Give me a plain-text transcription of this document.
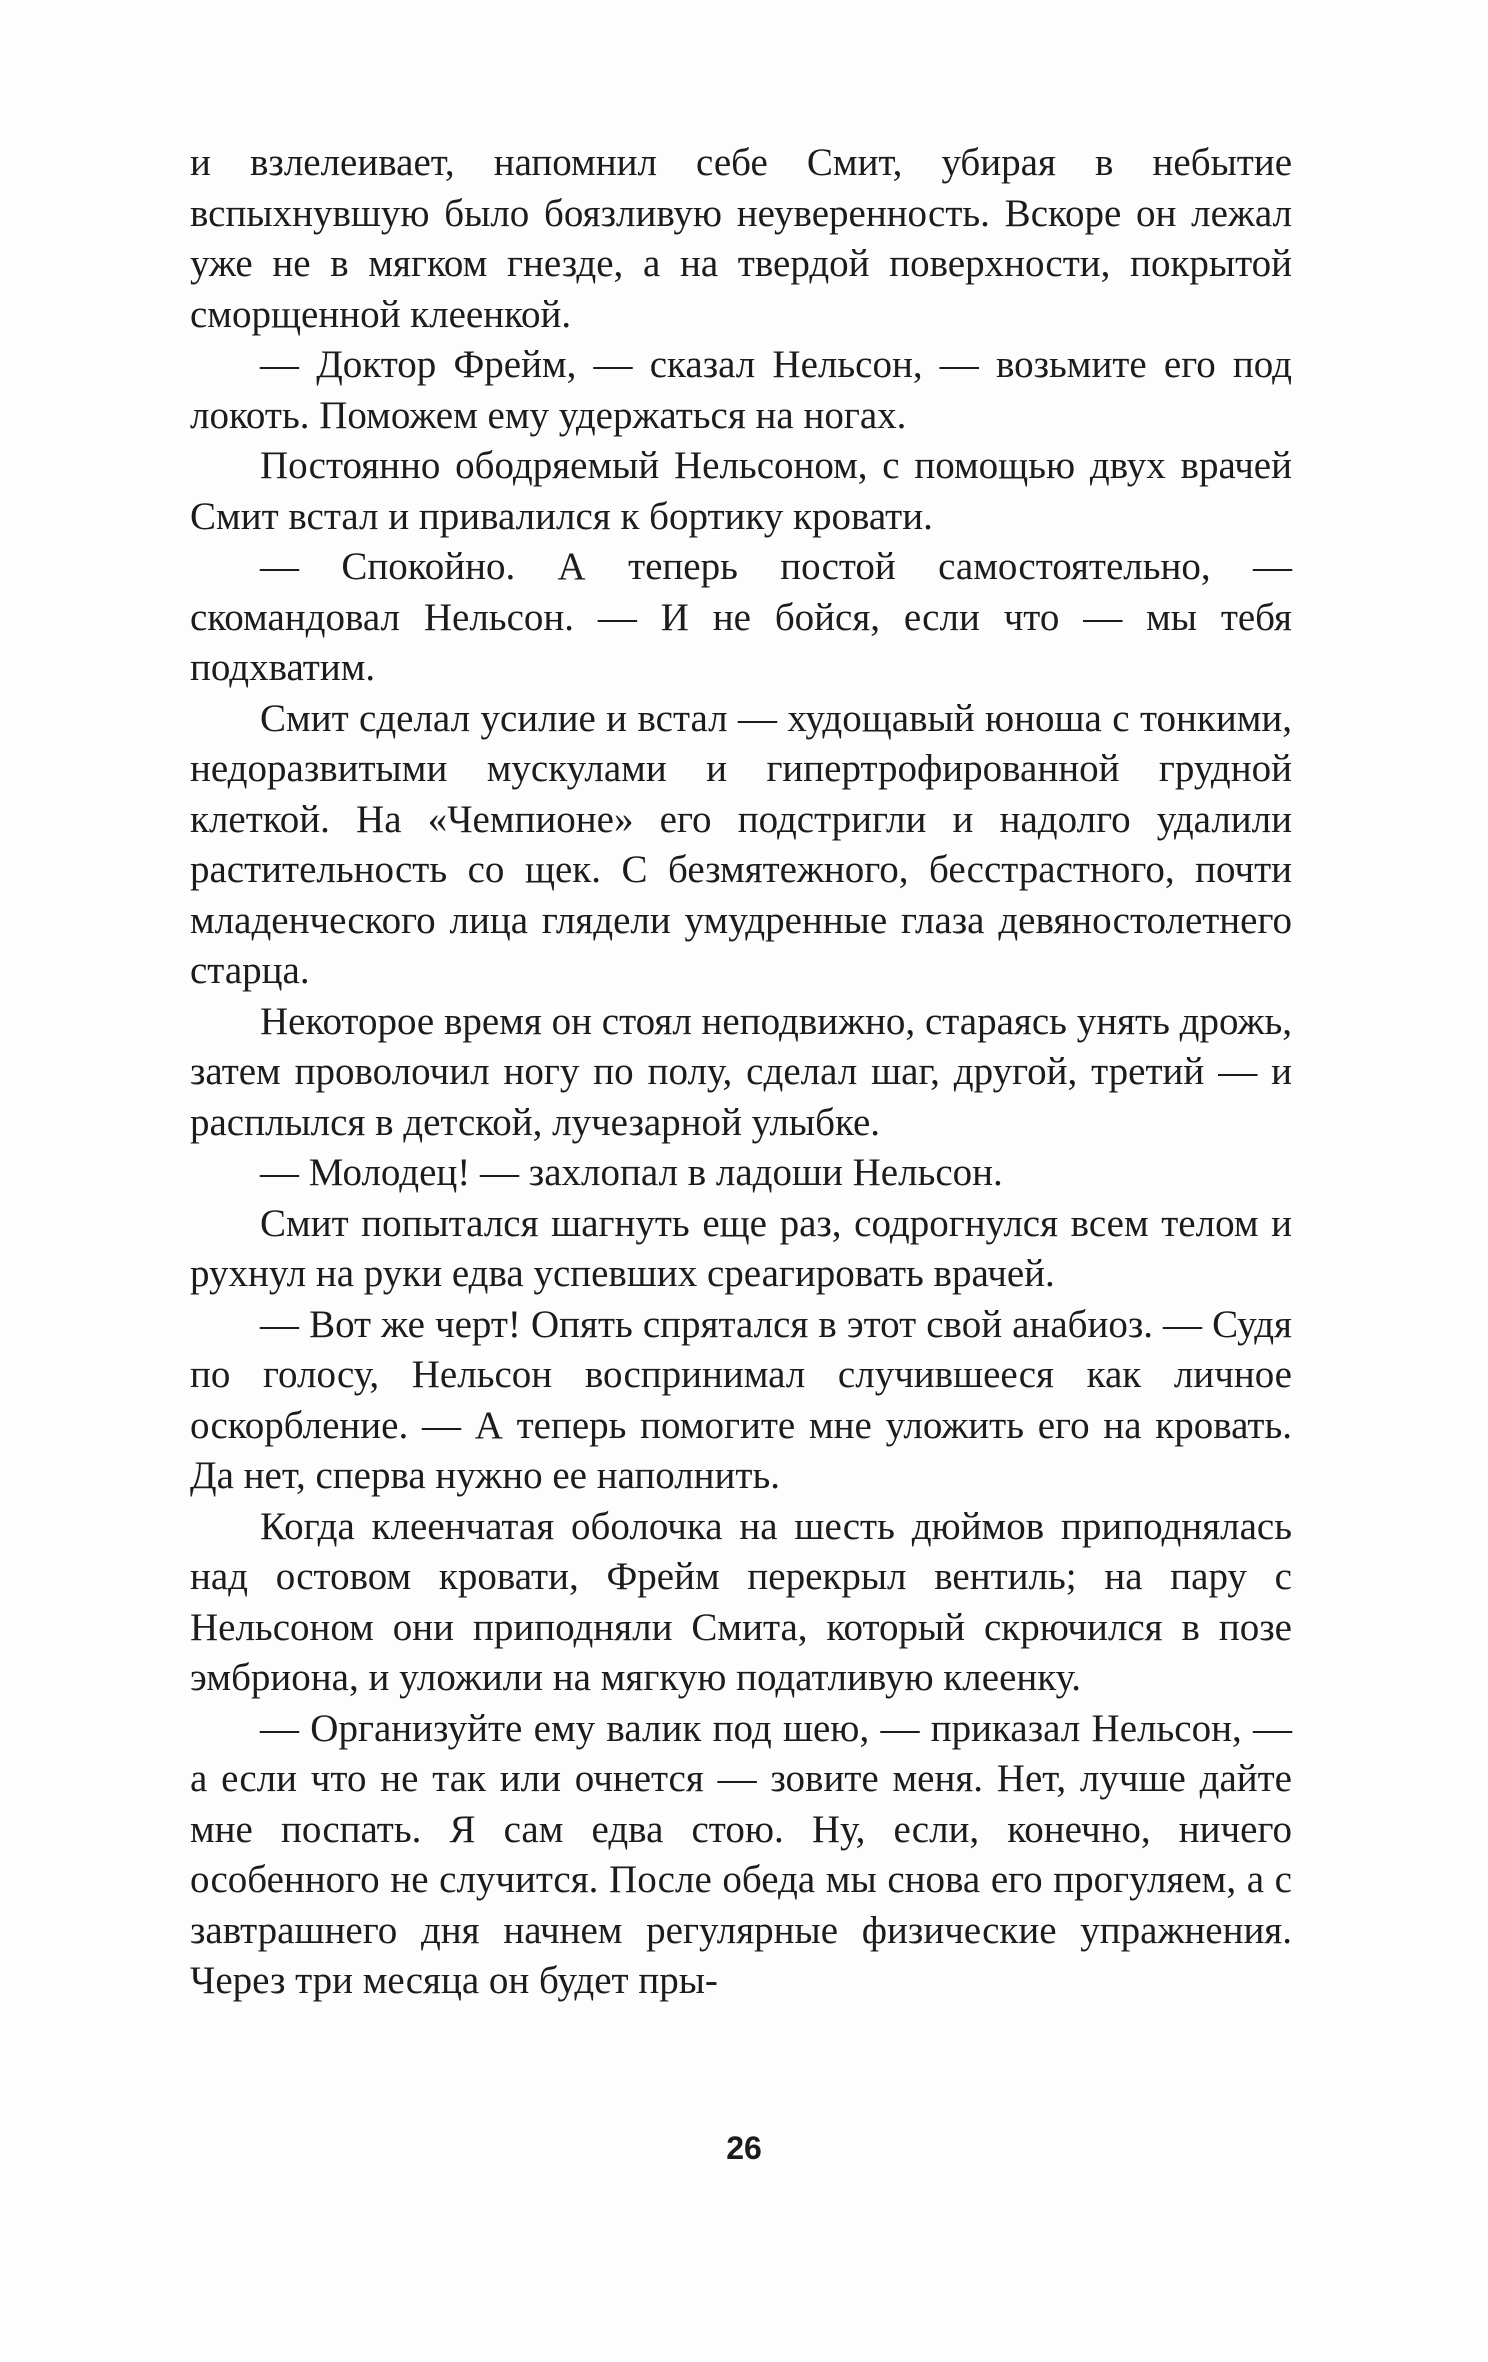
и взлелеивает, напомнил себе Смит, убирая в небытие вспыхнувшую было боязливую неуверенность. Вскоре он лежал уже не в мягком гнезде, а на твердой поверхности, покрытой сморщенной клеенкой.

— Доктор Фрейм, — сказал Нельсон, — возьмите его под локоть. Поможем ему удержаться на ногах.

Постоянно ободряемый Нельсоном, с помощью двух врачей Смит встал и привалился к бортику кровати.

— Спокойно. А теперь постой самостоятельно, — скомандовал Нельсон. — И не бойся, если что — мы тебя подхватим.

Смит сделал усилие и встал — худощавый юноша с тонкими, недоразвитыми мускулами и гипертрофированной грудной клеткой. На «Чемпионе» его подстригли и надолго удалили растительность со щек. С безмятежного, бесстрастного, почти младенческого лица глядели умудренные глаза девяностолетнего старца.

Некоторое время он стоял неподвижно, стараясь унять дрожь, затем проволочил ногу по полу, сделал шаг, другой, третий — и расплылся в детской, лучезарной улыбке.

— Молодец! — захлопал в ладоши Нельсон.

Смит попытался шагнуть еще раз, содрогнулся всем телом и рухнул на руки едва успевших среагировать врачей.

— Вот же черт! Опять спрятался в этот свой анабиоз. — Судя по голосу, Нельсон воспринимал случившееся как личное оскорбление. — А теперь помогите мне уложить его на кровать. Да нет, сперва нужно ее наполнить.

Когда клеенчатая оболочка на шесть дюймов приподнялась над остовом кровати, Фрейм перекрыл вентиль; на пару с Нельсоном они приподняли Смита, который скрючился в позе эмбриона, и уложили на мягкую податливую клеенку.

— Организуйте ему валик под шею, — приказал Нельсон, — а если что не так или очнется — зовите меня. Нет, лучше дайте мне поспать. Я сам едва стою. Ну, если, конечно, ничего особенного не случится. После обеда мы снова его прогуляем, а с завтрашнего дня начнем регулярные физические упражнения. Через три месяца он будет пры-

26
